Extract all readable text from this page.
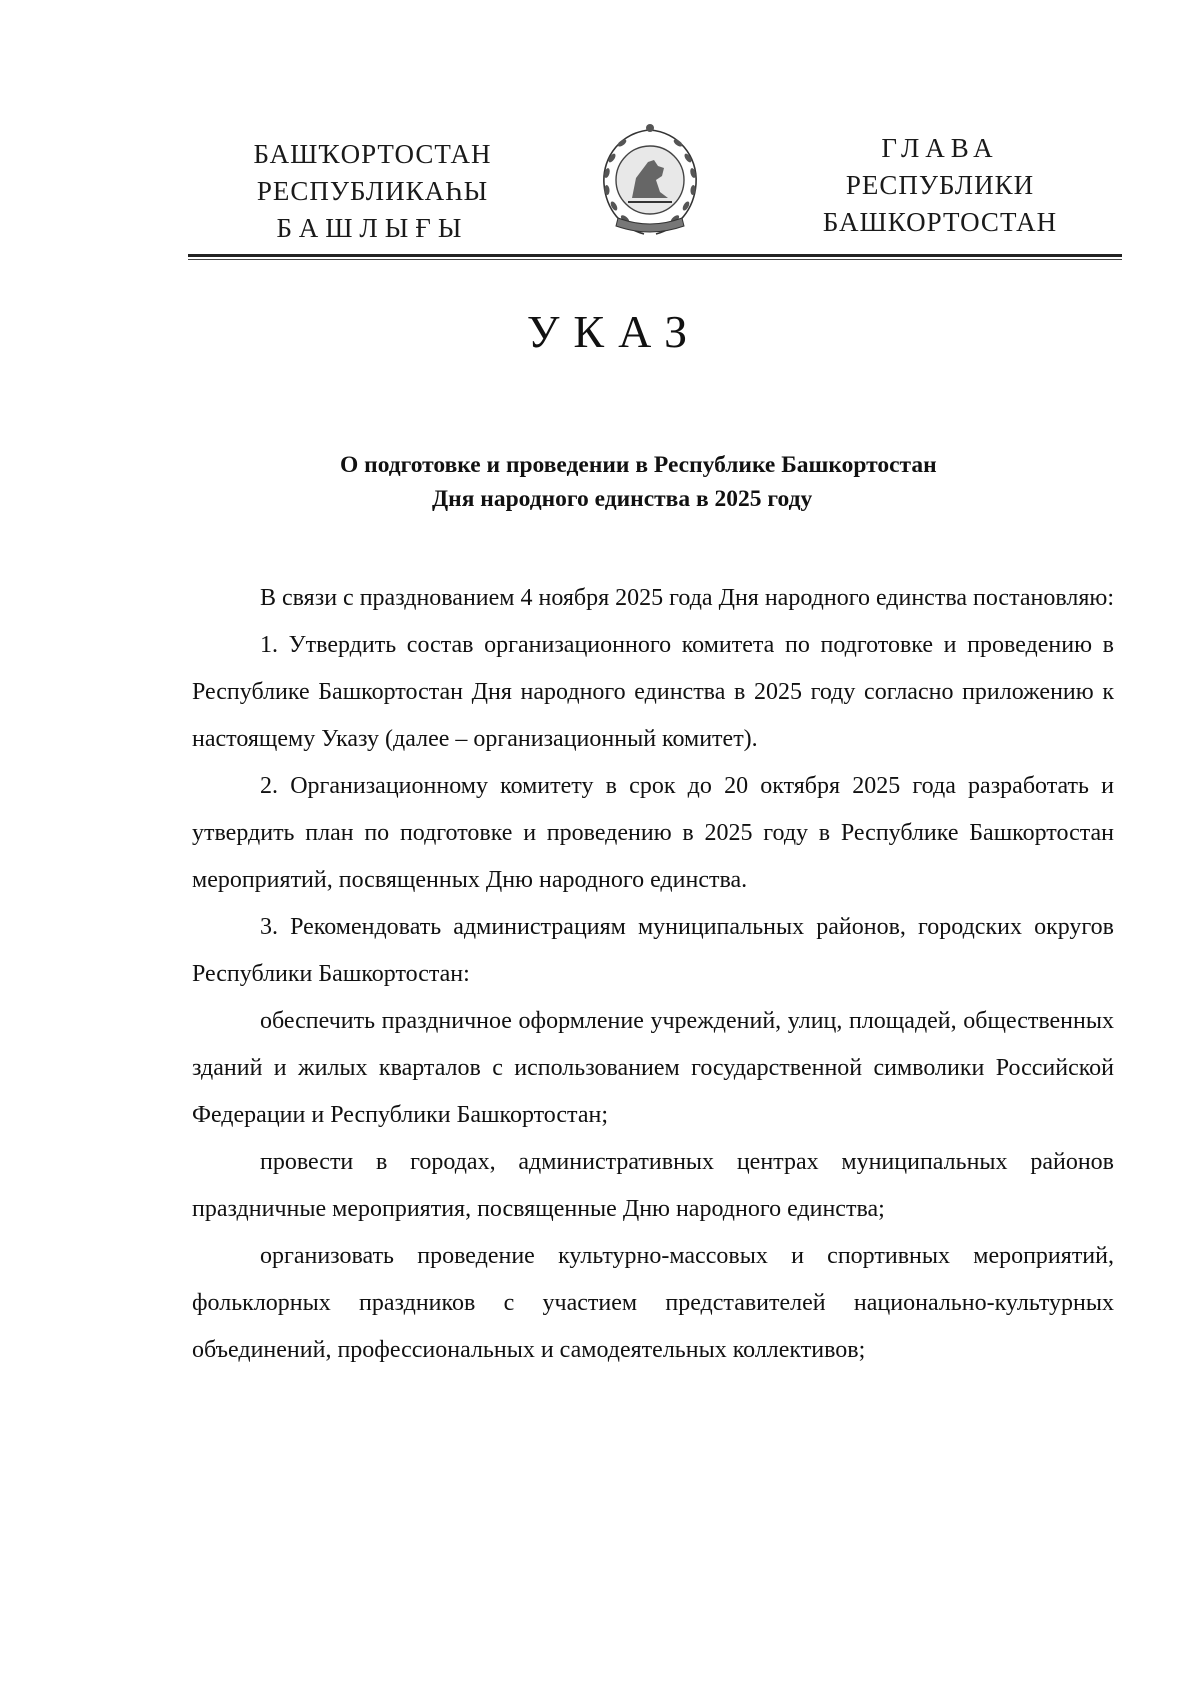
БАШҠОРТОСТАН
РЕСПУБЛИКАҺЫ
БАШЛЫҒЫ
ГЛАВА
РЕСПУБЛИКИ
БАШКОРТОСТАН
УКАЗ
О подготовке и проведении в Республике Башкортостан
Дня народного единства в 2025 году

В связи с празднованием 4 ноября 2025 года Дня народного единства постановляю:

1. Утвердить состав организационного комитета по подготовке и проведению в Республике Башкортостан Дня народного единства в 2025 году согласно приложению к настоящему Указу (далее – организационный комитет).

2. Организационному комитету в срок до 20 октября 2025 года разработать и утвердить план по подготовке и проведению в 2025 году в Республике Башкортостан мероприятий, посвященных Дню народного единства.

3. Рекомендовать администрациям муниципальных районов, городских округов Республики Башкортостан:

обеспечить праздничное оформление учреждений, улиц, площадей, общественных зданий и жилых кварталов с использованием государственной символики Российской Федерации и Республики Башкортостан;

провести в городах, административных центрах муниципальных районов праздничные мероприятия, посвященные Дню народного единства;

организовать проведение культурно-массовых и спортивных мероприятий, фольклорных праздников с участием представителей национально-культурных объединений, профессиональных и самодеятельных коллективов;
